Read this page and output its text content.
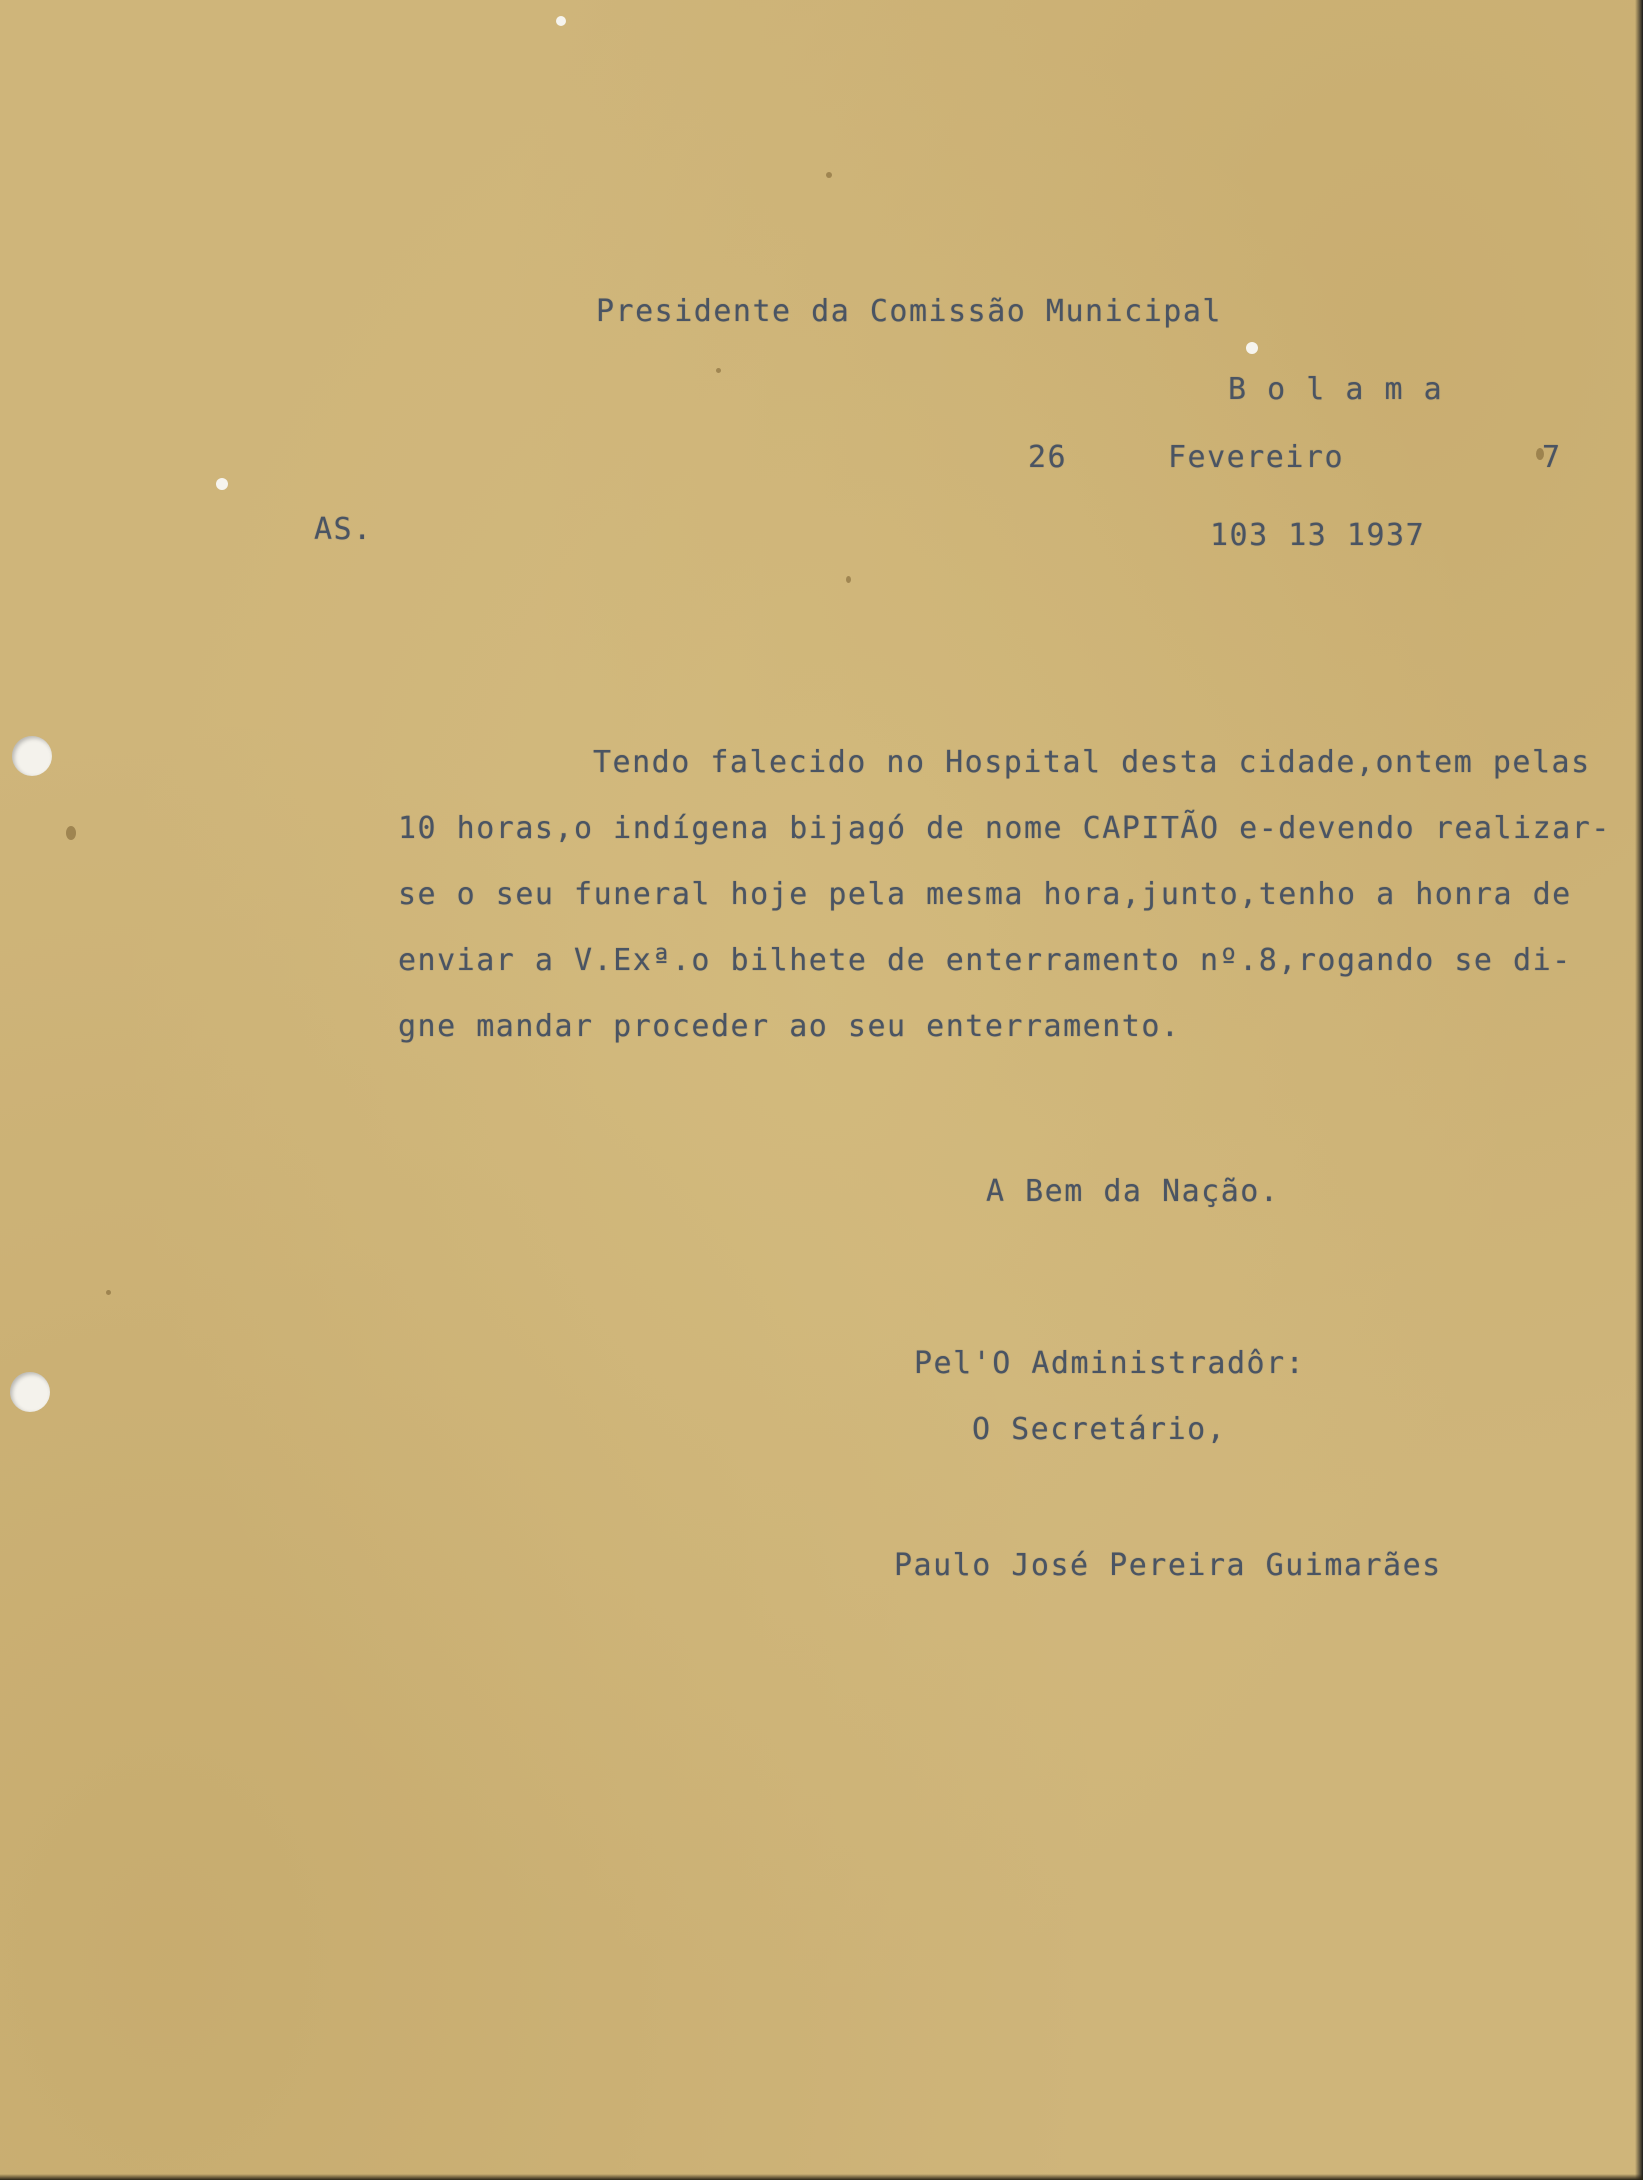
Presidente da Comissão Municipal
B o l a m a
26	Fevereiro	7
AS.	103 13 1937
Tendo falecido no Hospital desta cidade,ontem pelas
10 horas,o indígena bijagó de nome CAPITÃO e-devendo realizar-
se o seu funeral hoje pela mesma hora,junto,tenho a honra de
enviar a V.Exª.o bilhete de enterramento nº.8,rogando se di-
gne mandar proceder ao seu enterramento.
A Bem da Nação.
Pel'O Administradôr:
O Secretário,
Paulo José Pereira Guimarães
